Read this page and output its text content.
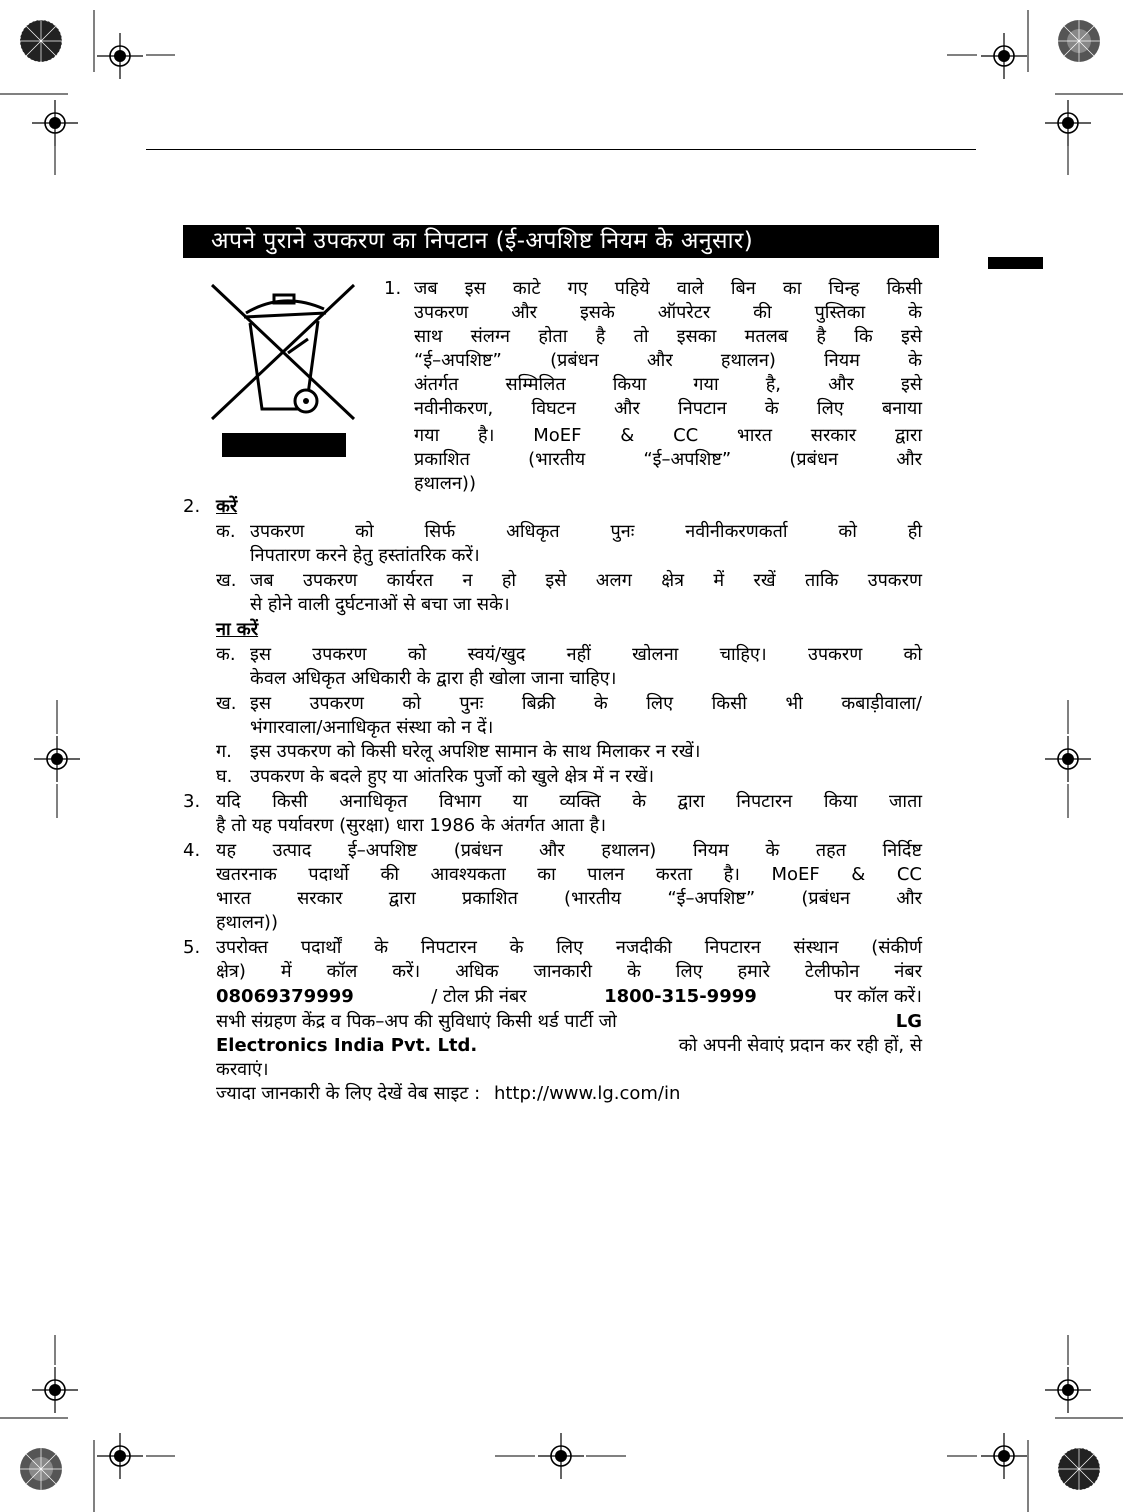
अपने पुराने उपकरण का निपटान (ई-अपशिष्ट नियम के अनुसार)
1. जब इस काटे गए पहिये वाले बिन का चिन्ह किसी
उपकरण और इसके ऑपरेटर की पुस्तिका के
साथ संलग्न होता है तो इसका मतलब है कि इसे
“ई–अपशिष्ट” (प्रबंधन और हथालन) नियम के
अंतर्गत सम्मिलित किया गया है, और इसे
नवीनीकरण, विघटन और निपटान के लिए बनाया
गया है। MoEF & CC भारत सरकार द्वारा
प्रकाशित (भारतीय “ई–अपशिष्ट” (प्रबंधन और
हथालन))
2. करें
क. उपकरण को सिर्फ अधिकृत पुनः नवीनीकरणकर्ता को ही
निपतारण करने हेतु हस्तांतरिक करें।
ख. जब उपकरण कार्यरत न हो इसे अलग क्षेत्र में रखें ताकि उपकरण
से होने वाली दुर्घटनाओं से बचा जा सके।
ना करें
क. इस उपकरण को स्वयं/खुद नहीं खोलना चाहिए। उपकरण को
केवल अधिकृत अधिकारी के द्वारा ही खोला जाना चाहिए।
ख. इस उपकरण को पुनः बिक्री के लिए किसी भी कबाड़ीवाला/
भंगारवाला/अनाधिकृत संस्था को न दें।
ग. इस उपकरण को किसी घरेलू अपशिष्ट सामान के साथ मिलाकर न रखें।
घ. उपकरण के बदले हुए या आंतरिक पुर्जो को खुले क्षेत्र में न रखें।
3. यदि किसी अनाधिकृत विभाग या व्यक्ति के द्वारा निपटारन किया जाता
है तो यह पर्यावरण (सुरक्षा) धारा 1986 के अंतर्गत आता है।
4. यह उत्पाद ई–अपशिष्ट (प्रबंधन और हथालन) नियम के तहत निर्दिष्ट
खतरनाक पदार्थो की आवश्यकता का पालन करता है। MoEF & CC
भारत सरकार द्वारा प्रकाशित (भारतीय “ई–अपशिष्ट” (प्रबंधन और
हथालन))
5. उपरोक्त पदार्थों के निपटारन के लिए नजदीकी निपटारन संस्थान (संकीर्ण
क्षेत्र) में कॉल करें। अधिक जानकारी के लिए हमारे टेलीफोन नंबर
08069379999	/ टोल फ्री नंबर	1800-315-9999	पर कॉल करें।
सभी संग्रहण केंद्र व पिक–अप की सुविधाएं किसी थर्ड पार्टी जो	LG
Electronics India Pvt. Ltd.	को अपनी सेवाएं प्रदान कर रही हों, से
करवाएं।
ज्यादा जानकारी के लिए देखें वेब साइट : http://www.lg.com/in
